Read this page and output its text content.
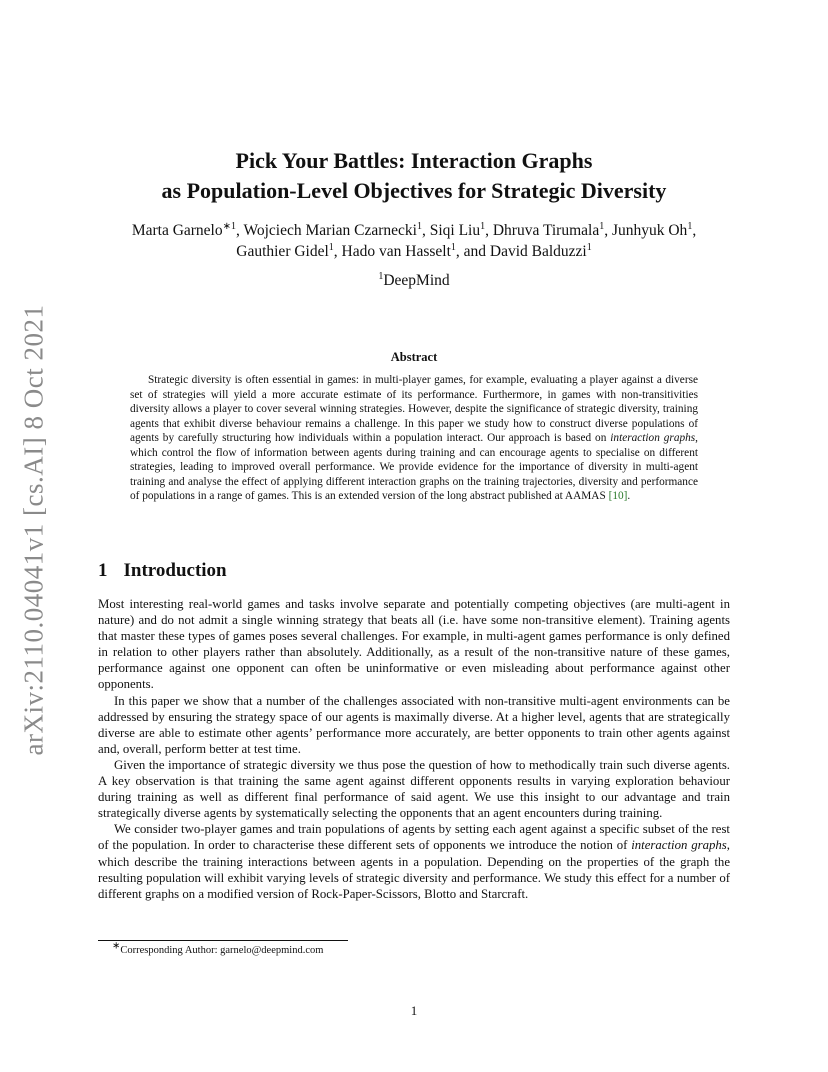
arXiv:2110.04041v1 [cs.AI] 8 Oct 2021
Pick Your Battles: Interaction Graphs
as Population-Level Objectives for Strategic Diversity
Marta Garnelo$^{∗1}$, Wojciech Marian Czarnecki$^1$, Siqi Liu$^1$, Dhruva Tirumala$^1$, Junhyuk Oh$^1$,
Gauthier Gidel$^1$, Hado van Hasselt$^1$, and David Balduzzi$^1$
$^1$DeepMind
Abstract
Strategic diversity is often essential in games: in multi-player games, for example, evaluating a player against a diverse set of strategies will yield a more accurate estimate of its performance. Furthermore, in games with non-transitivities diversity allows a player to cover several winning strategies. However, despite the significance of strategic diversity, training agents that exhibit diverse behaviour remains a challenge. In this paper we study how to construct diverse populations of agents by carefully structuring how individuals within a population interact. Our approach is based on interaction graphs, which control the flow of information between agents during training and can encourage agents to specialise on different strategies, leading to improved overall performance. We provide evidence for the importance of diversity in multi-agent training and analyse the effect of applying different interaction graphs on the training trajectories, diversity and performance of populations in a range of games. This is an extended version of the long abstract published at AAMAS [10].
1 Introduction

Most interesting real-world games and tasks involve separate and potentially competing objectives (are multi-agent in nature) and do not admit a single winning strategy that beats all (i.e. have some non-transitive element). Training agents that master these types of games poses several challenges. For example, in multi-agent games performance is only defined in relation to other players rather than absolutely. Additionally, as a result of the non-transitive nature of these games, performance against one opponent can often be uninformative or even misleading about performance against other opponents.

In this paper we show that a number of the challenges associated with non-transitive multi-agent environments can be addressed by ensuring the strategy space of our agents is maximally diverse. At a higher level, agents that are strategically diverse are able to estimate other agents’ performance more accurately, are better opponents to train other agents against and, overall, perform better at test time.

Given the importance of strategic diversity we thus pose the question of how to methodically train such diverse agents. A key observation is that training the same agent against different opponents results in varying exploration behaviour during training as well as different final performance of said agent. We use this insight to our advantage and train strategically diverse agents by systematically selecting the opponents that an agent encounters during training.

We consider two-player games and train populations of agents by setting each agent against a specific subset of the rest of the population. In order to characterise these different sets of opponents we introduce the notion of interaction graphs, which describe the training interactions between agents in a population. Depending on the properties of the graph the resulting population will exhibit varying levels of strategic diversity and performance. We study this effect for a number of different graphs on a modified version of Rock-Paper-Scissors, Blotto and Starcraft.

∗Corresponding Author: garnelo@deepmind.com
1
